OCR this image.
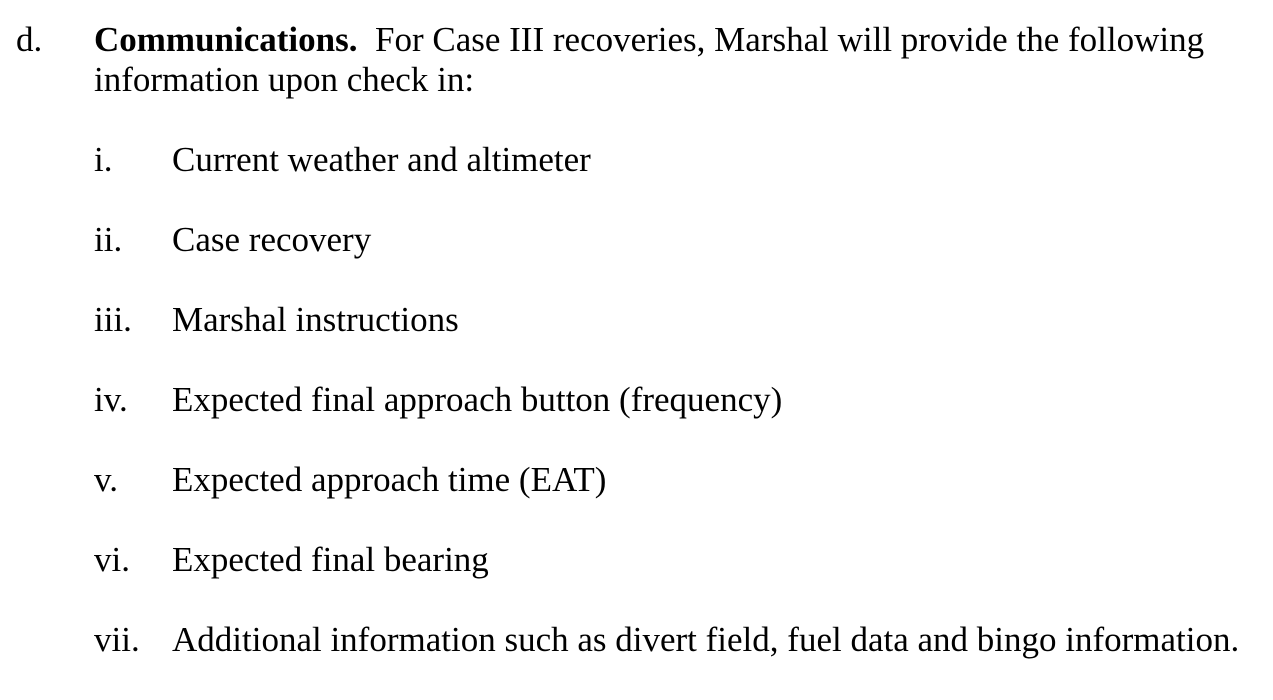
d. Communications. For Case III recoveries, Marshal will provide the following information upon check in:
i. Current weather and altimeter
ii. Case recovery
iii. Marshal instructions
iv. Expected final approach button (frequency)
v. Expected approach time (EAT)
vi. Expected final bearing
vii. Additional information such as divert field, fuel data and bingo information.
